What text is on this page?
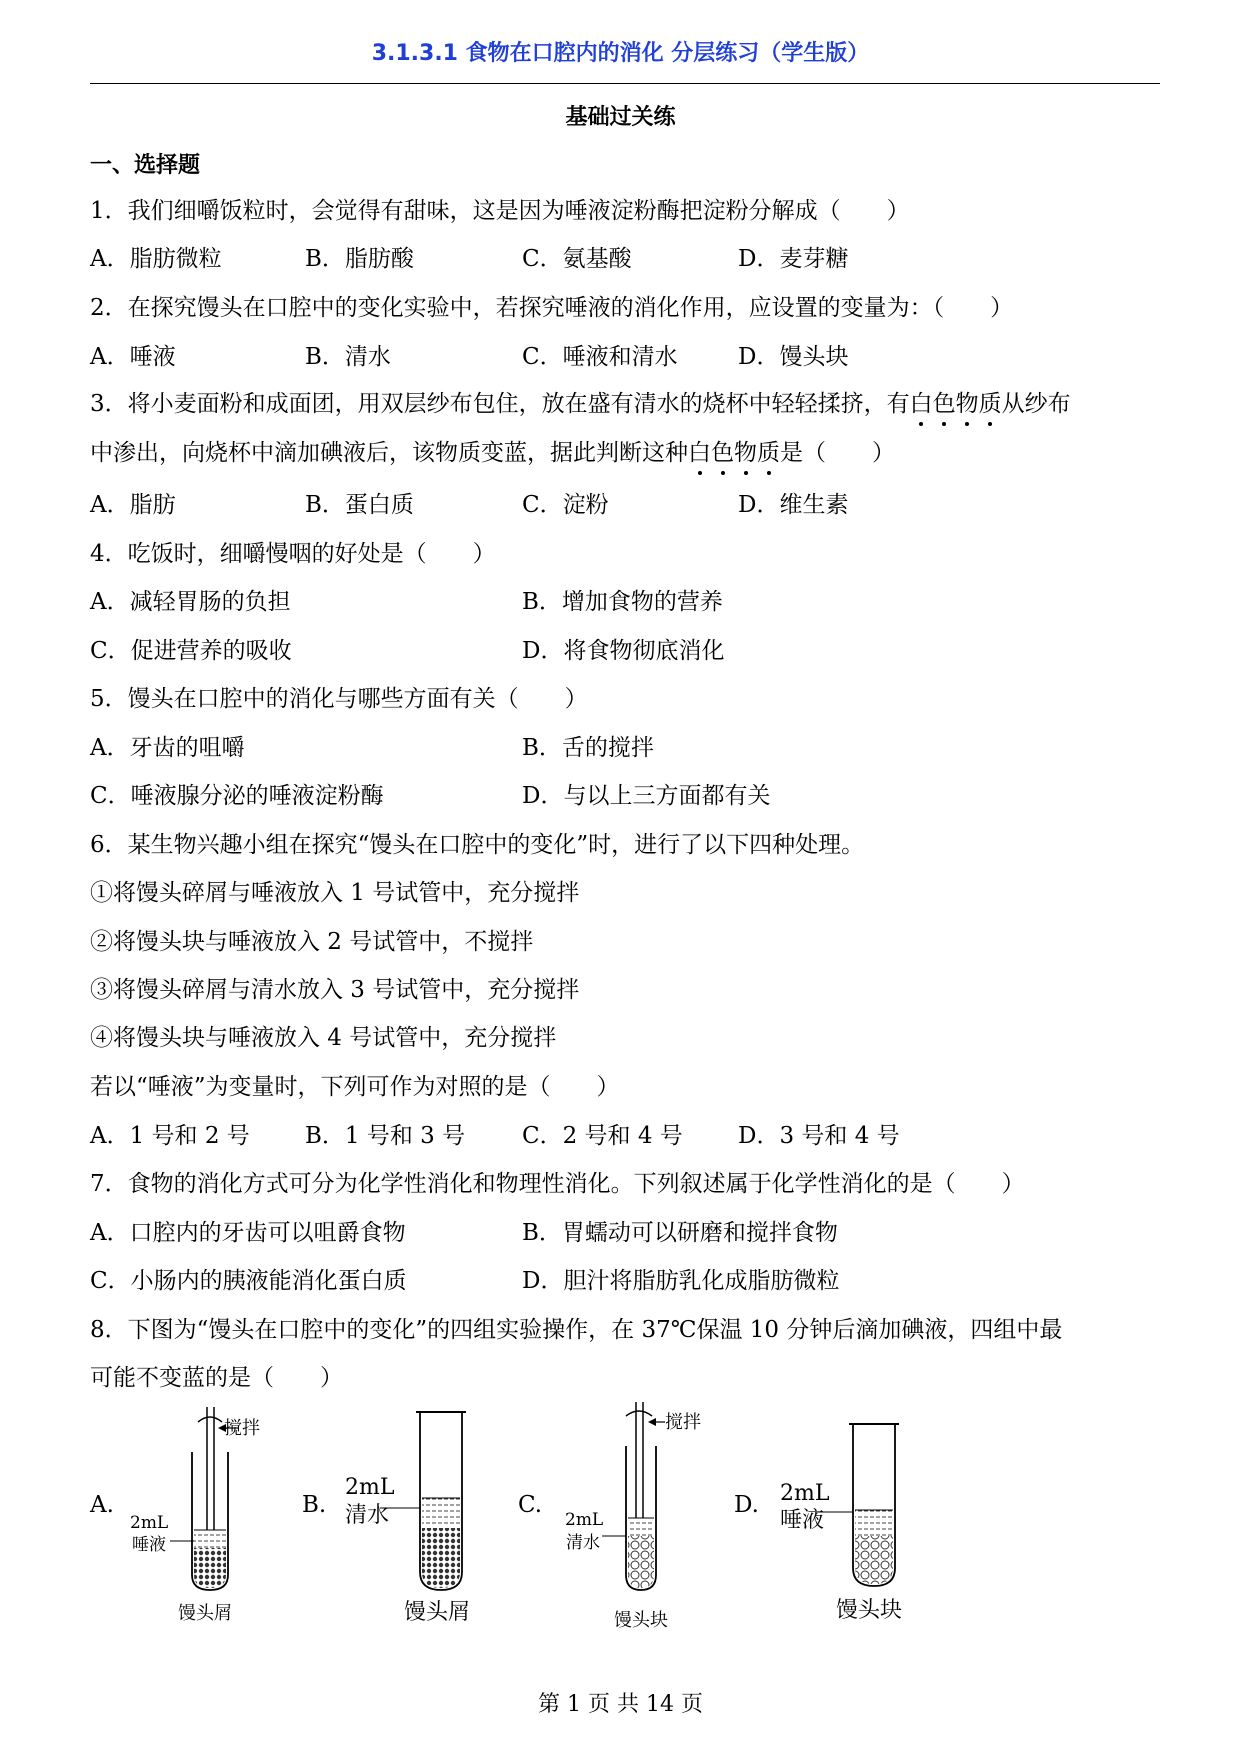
3.1.3.1 食物在口腔内的消化 分层练习（学生版）
基础过关练
一、选择题
1．我们细嚼饭粒时，会觉得有甜味，这是因为唾液淀粉酶把淀粉分解成（　　）
A．脂肪微粒	B．脂肪酸	C．氨基酸	D．麦芽糖
2．在探究馒头在口腔中的变化实验中，若探究唾液的消化作用，应设置的变量为：（　　）
A．唾液	B．清水	C．唾液和清水	D．馒头块
3．将小麦面粉和成面团，用双层纱布包住，放在盛有清水的烧杯中轻轻揉挤，有白色物质从纱布
中渗出，向烧杯中滴加碘液后，该物质变蓝，据此判断这种白色物质是（　　）
A．脂肪	B．蛋白质	C．淀粉	D．维生素
4．吃饭时，细嚼慢咽的好处是（　　）
A．减轻胃肠的负担	B．增加食物的营养
C．促进营养的吸收	D．将食物彻底消化
5．馒头在口腔中的消化与哪些方面有关（　　）
A．牙齿的咀嚼	B．舌的搅拌
C．唾液腺分泌的唾液淀粉酶	D．与以上三方面都有关
6．某生物兴趣小组在探究“馒头在口腔中的变化”时，进行了以下四种处理。
①将馒头碎屑与唾液放入 1 号试管中，充分搅拌
②将馒头块与唾液放入 2 号试管中，不搅拌
③将馒头碎屑与清水放入 3 号试管中，充分搅拌
④将馒头块与唾液放入 4 号试管中，充分搅拌
若以“唾液”为变量时，下列可作为对照的是（　　）
A．1 号和 2 号 B．1 号和 3 号 C．2 号和 4 号 D．3 号和 4 号
7．食物的消化方式可分为化学性消化和物理性消化。下列叙述属于化学性消化的是（　　）
A．口腔内的牙齿可以咀爵食物	B．胃蠕动可以研磨和搅拌食物
C．小肠内的胰液能消化蛋白质	D．胆汁将脂肪乳化成脂肪微粒
8．下图为“馒头在口腔中的变化”的四组实验操作，在 37℃保温 10 分钟后滴加碘液，四组中最
可能不变蓝的是（　　）
A.
搅拌
2mL
唾液
馒头屑
B.
2mL
清水
馒头屑
C.
搅拌
2mL
清水
馒头块
D. 2mL
唾液
馒头块
第 1 页 共 14 页
